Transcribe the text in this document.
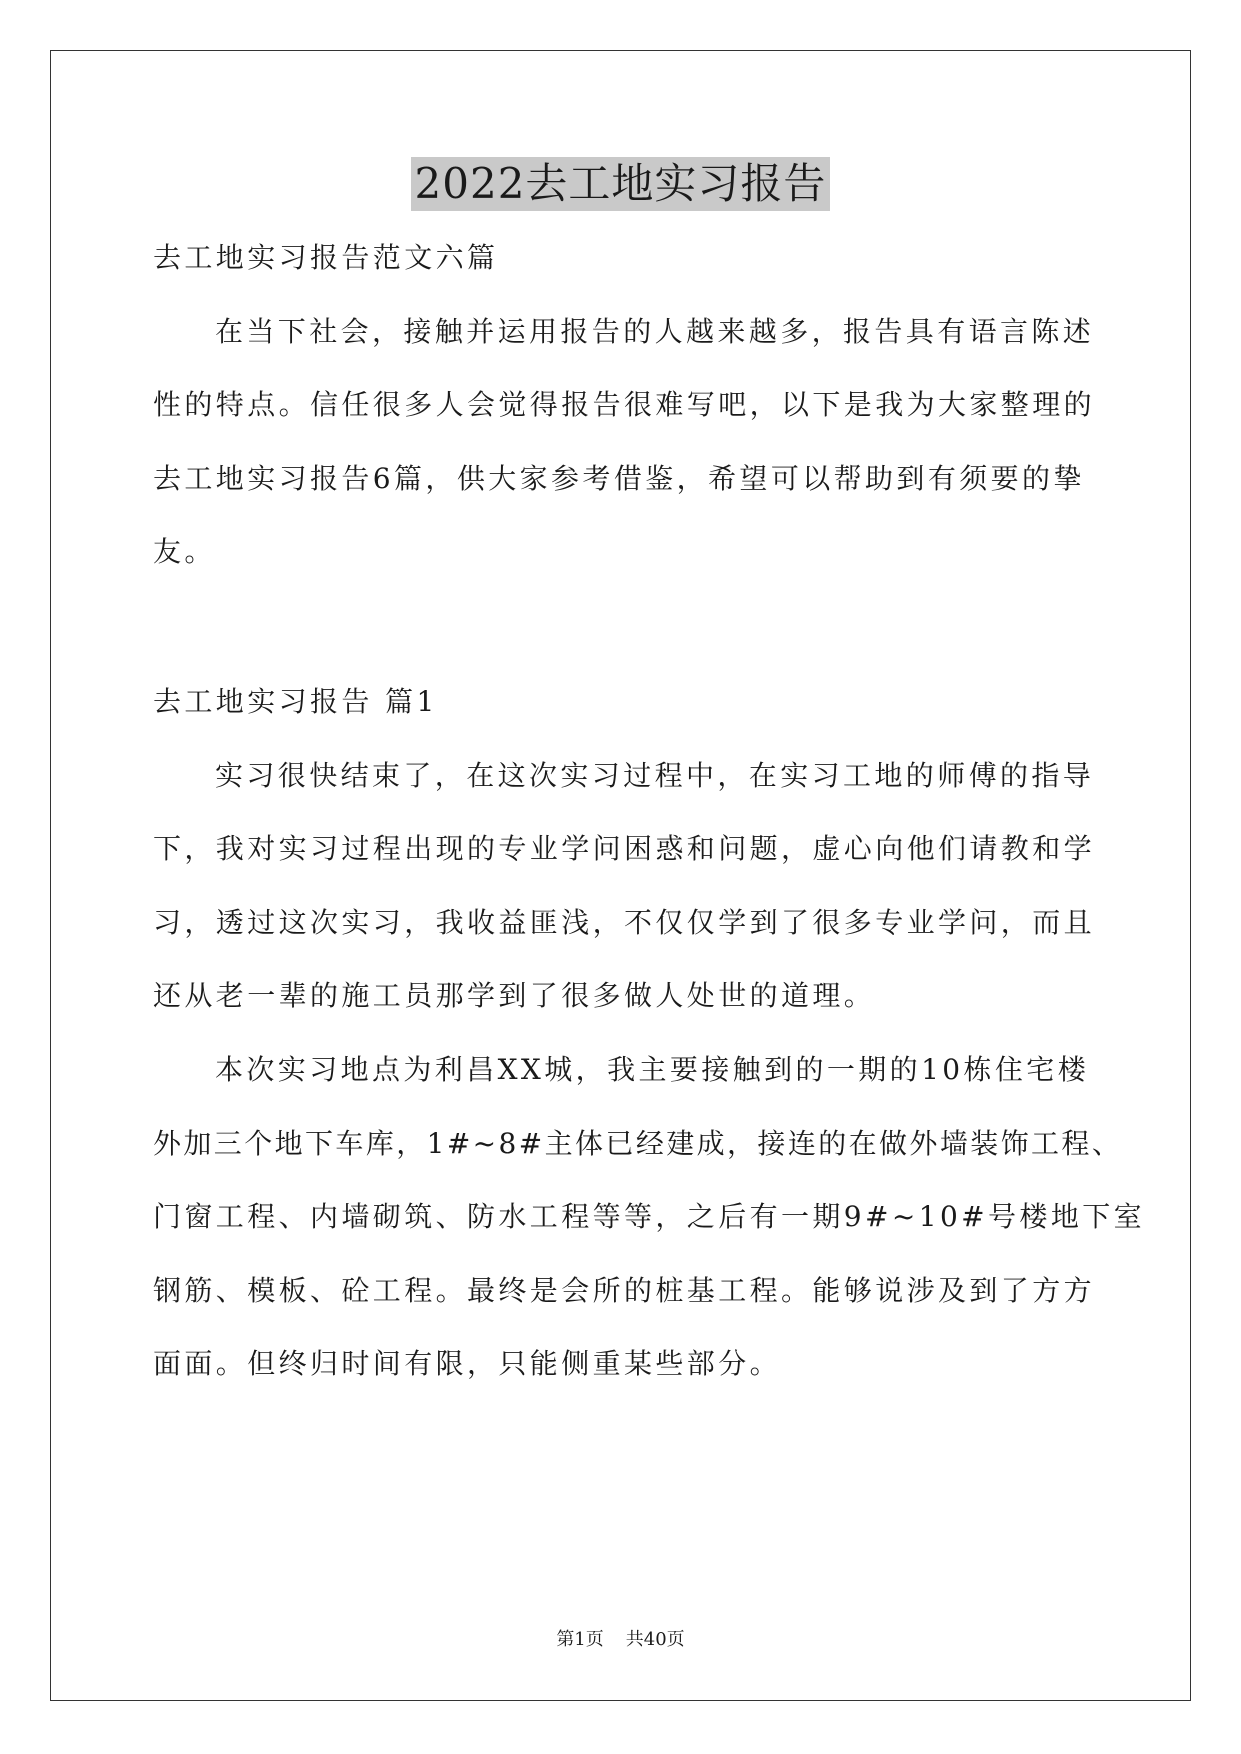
2022去工地实习报告

去工地实习报告范文六篇

在当下社会，接触并运用报告的人越来越多，报告具有语言陈述

性的特点。信任很多人会觉得报告很难写吧，以下是我为大家整理的

去工地实习报告6篇，供大家参考借鉴，希望可以帮助到有须要的挚

友。

去工地实习报告 篇1

实习很快结束了，在这次实习过程中，在实习工地的师傅的指导

下，我对实习过程出现的专业学问困惑和问题，虚心向他们请教和学

习，透过这次实习，我收益匪浅，不仅仅学到了很多专业学问，而且

还从老一辈的施工员那学到了很多做人处世的道理。

本次实习地点为利昌XX城，我主要接触到的一期的10栋住宅楼

外加三个地下车库，1#~8#主体已经建成，接连的在做外墙装饰工程、

门窗工程、内墙砌筑、防水工程等等，之后有一期9#~10#号楼地下室

钢筋、模板、砼工程。最终是会所的桩基工程。能够说涉及到了方方

面面。但终归时间有限，只能侧重某些部分。

第1页 共40页
